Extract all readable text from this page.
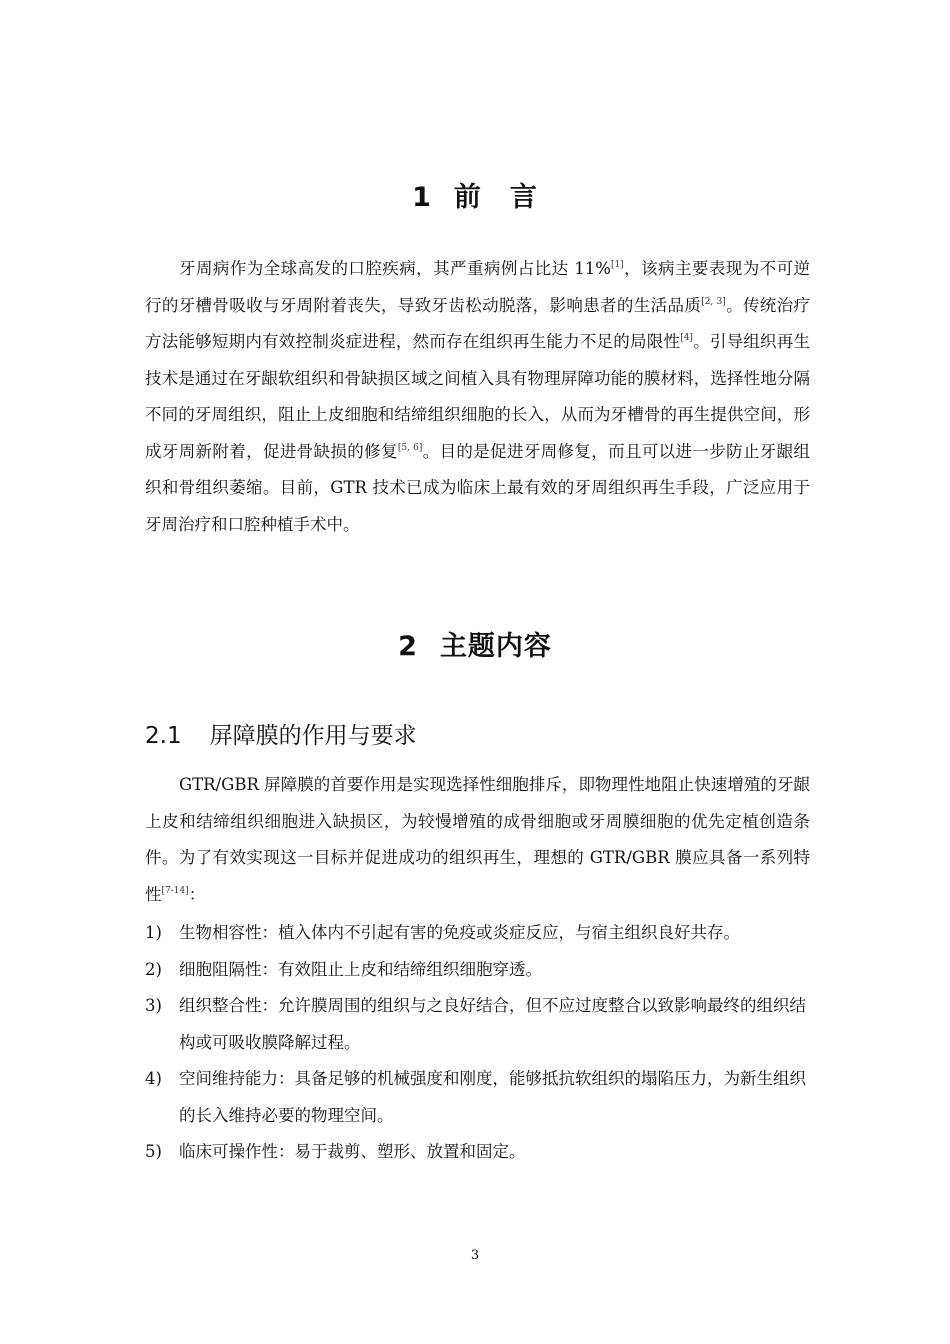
1 前　言

牙周病作为全球高发的口腔疾病，其严重病例占比达 11%[1]，该病主要表现为不可逆行的牙槽骨吸收与牙周附着丧失，导致牙齿松动脱落，影响患者的生活品质[2, 3]。传统治疗方法能够短期内有效控制炎症进程，然而存在组织再生能力不足的局限性[4]。引导组织再生技术是通过在牙龈软组织和骨缺损区域之间植入具有物理屏障功能的膜材料，选择性地分隔不同的牙周组织，阻止上皮细胞和结缔组织细胞的长入，从而为牙槽骨的再生提供空间，形成牙周新附着，促进骨缺损的修复[5, 6]。目的是促进牙周修复，而且可以进一步防止牙龈组织和骨组织萎缩。目前，GTR 技术已成为临床上最有效的牙周组织再生手段，广泛应用于牙周治疗和口腔种植手术中。

2 主题内容
2.1 屏障膜的作用与要求

GTR/GBR 屏障膜的首要作用是实现选择性细胞排斥，即物理性地阻止快速增殖的牙龈上皮和结缔组织细胞进入缺损区，为较慢增殖的成骨细胞或牙周膜细胞的优先定植创造条件。为了有效实现这一目标并促进成功的组织再生，理想的 GTR/GBR 膜应具备一系列特性[7-14]：

1) 生物相容性：植入体内不引起有害的免疫或炎症反应，与宿主组织良好共存。
2) 细胞阻隔性：有效阻止上皮和结缔组织细胞穿透。
3) 组织整合性：允许膜周围的组织与之良好结合，但不应过度整合以致影响最终的组织结构或可吸收膜降解过程。
4) 空间维持能力：具备足够的机械强度和刚度，能够抵抗软组织的塌陷压力，为新生组织的长入维持必要的物理空间。
5) 临床可操作性：易于裁剪、塑形、放置和固定。
3
